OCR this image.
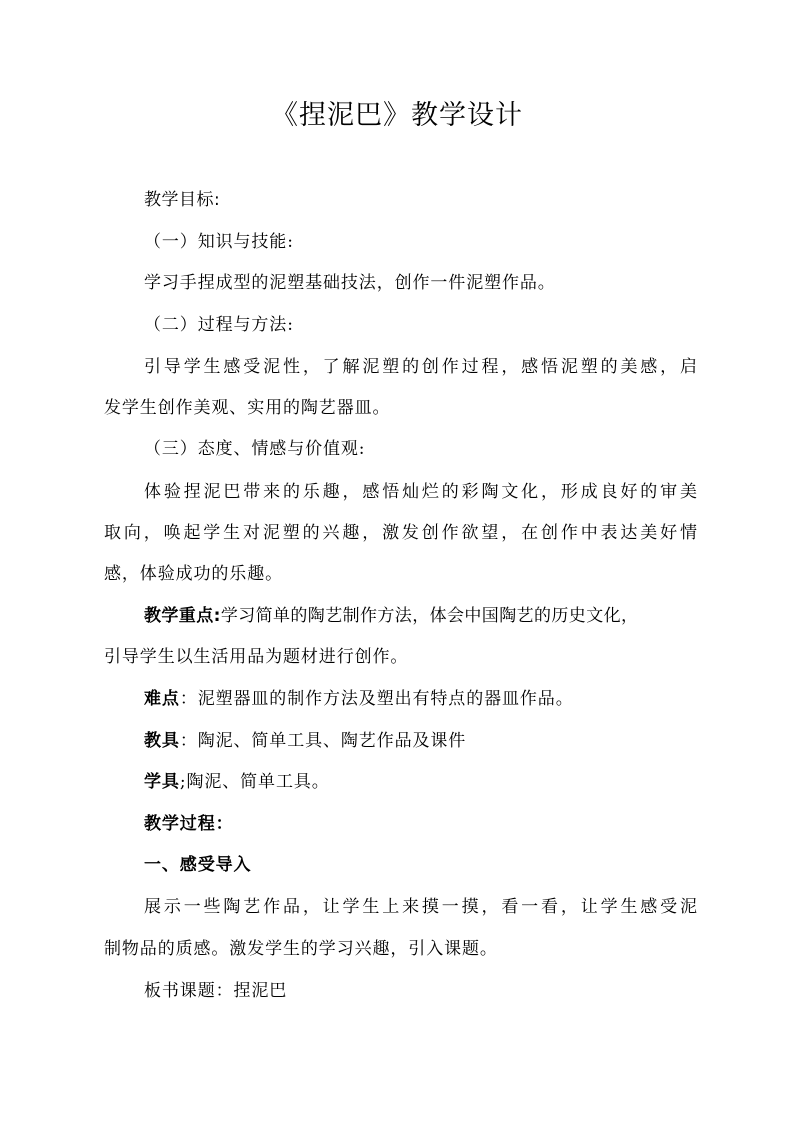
《捏泥巴》教学设计
教学目标:
（一）知识与技能:
学习手捏成型的泥塑基础技法，创作一件泥塑作品。
（二）过程与方法:
引导学生感受泥性，了解泥塑的创作过程，感悟泥塑的美感，启
发学生创作美观、实用的陶艺器皿。
（三）态度、情感与价值观:
体验捏泥巴带来的乐趣，感悟灿烂的彩陶文化，形成良好的审美
取向，唤起学生对泥塑的兴趣，激发创作欲望，在创作中表达美好情
感，体验成功的乐趣。
教学重点:学习简单的陶艺制作方法，体会中国陶艺的历史文化，
引导学生以生活用品为题材进行创作。
难点：泥塑器皿的制作方法及塑出有特点的器皿作品。
教具：陶泥、简单工具、陶艺作品及课件
学具;陶泥、简单工具。
教学过程：
一、感受导入
展示一些陶艺作品，让学生上来摸一摸，看一看，让学生感受泥
制物品的质感。激发学生的学习兴趣，引入课题。
板书课题：捏泥巴
